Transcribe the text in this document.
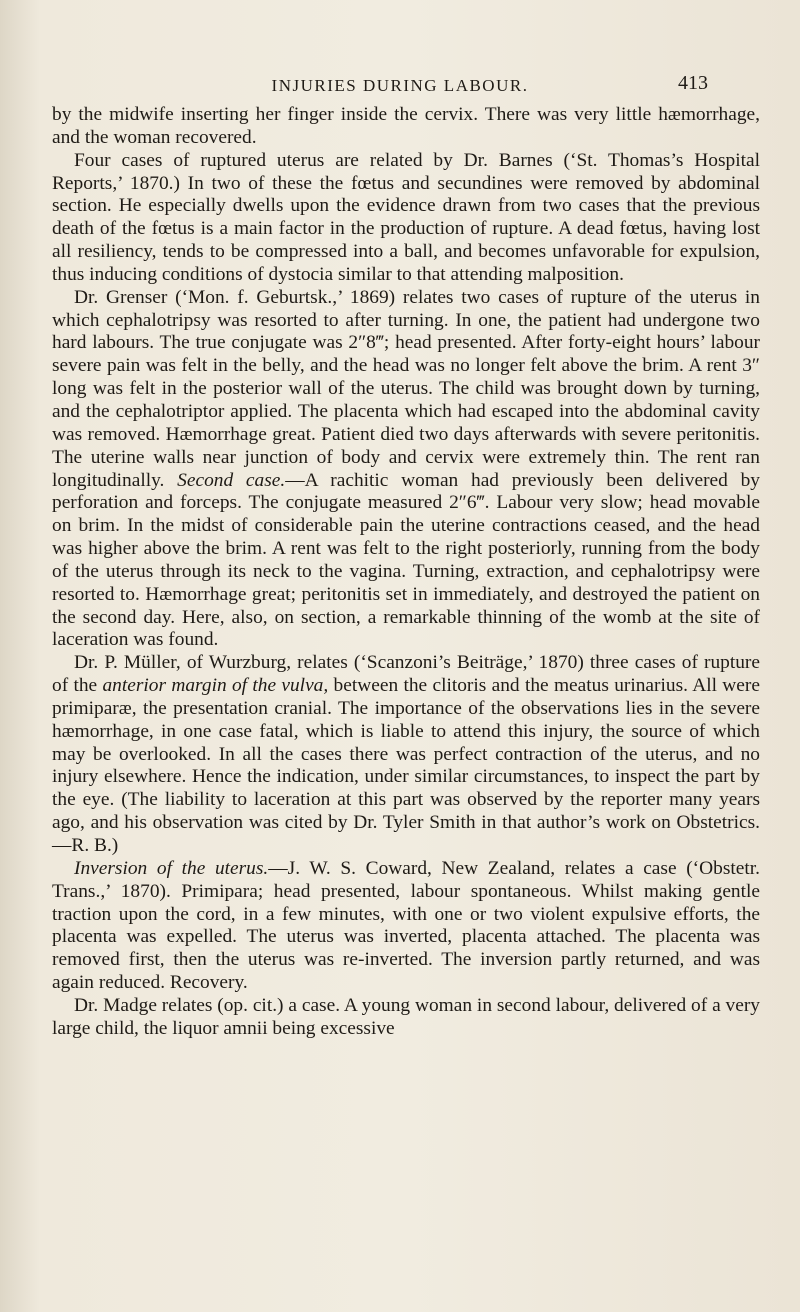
INJURIES DURING LABOUR.	413

by the midwife inserting her finger inside the cervix. There was very little hæmorrhage, and the woman recovered.

Four cases of ruptured uterus are related by Dr. Barnes (‘St. Thomas’s Hospital Reports,’ 1870.) In two of these the fœtus and secundines were removed by abdominal section. He especially dwells upon the evidence drawn from two cases that the previous death of the fœtus is a main factor in the production of rupture. A dead fœtus, having lost all resiliency, tends to be compressed into a ball, and becomes unfavorable for expulsion, thus inducing conditions of dystocia similar to that attending malposition.

Dr. Grenser (‘Mon. f. Geburtsk.,’ 1869) relates two cases of rupture of the uterus in which cephalotripsy was resorted to after turning. In one, the patient had undergone two hard labours. The true conjugate was 2″8‴; head presented. After forty-eight hours’ labour severe pain was felt in the belly, and the head was no longer felt above the brim. A rent 3″ long was felt in the posterior wall of the uterus. The child was brought down by turning, and the cephalotriptor applied. The placenta which had escaped into the abdominal cavity was removed. Hæmorrhage great. Patient died two days afterwards with severe peritonitis. The uterine walls near junction of body and cervix were extremely thin. The rent ran longitudinally. Second case.—A rachitic woman had previously been delivered by perforation and forceps. The conjugate measured 2″6‴. Labour very slow; head movable on brim. In the midst of considerable pain the uterine contractions ceased, and the head was higher above the brim. A rent was felt to the right posteriorly, running from the body of the uterus through its neck to the vagina. Turning, extraction, and cephalotripsy were resorted to. Hæmorrhage great; peritonitis set in immediately, and destroyed the patient on the second day. Here, also, on section, a remarkable thinning of the womb at the site of laceration was found.

Dr. P. Müller, of Wurzburg, relates (‘Scanzoni’s Beiträge,’ 1870) three cases of rupture of the anterior margin of the vulva, between the clitoris and the meatus urinarius. All were primiparæ, the presentation cranial. The importance of the observations lies in the severe hæmorrhage, in one case fatal, which is liable to attend this injury, the source of which may be overlooked. In all the cases there was perfect contraction of the uterus, and no injury elsewhere. Hence the indication, under similar circumstances, to inspect the part by the eye. (The liability to laceration at this part was observed by the reporter many years ago, and his observation was cited by Dr. Tyler Smith in that author’s work on Obstetrics.—R. B.)

Inversion of the uterus.—J. W. S. Coward, New Zealand, relates a case (‘Obstetr. Trans.,’ 1870). Primipara; head presented, labour spontaneous. Whilst making gentle traction upon the cord, in a few minutes, with one or two violent expulsive efforts, the placenta was expelled. The uterus was inverted, placenta attached. The placenta was removed first, then the uterus was re-inverted. The inversion partly returned, and was again reduced. Recovery.

Dr. Madge relates (op. cit.) a case. A young woman in second labour, delivered of a very large child, the liquor amnii being excessive
